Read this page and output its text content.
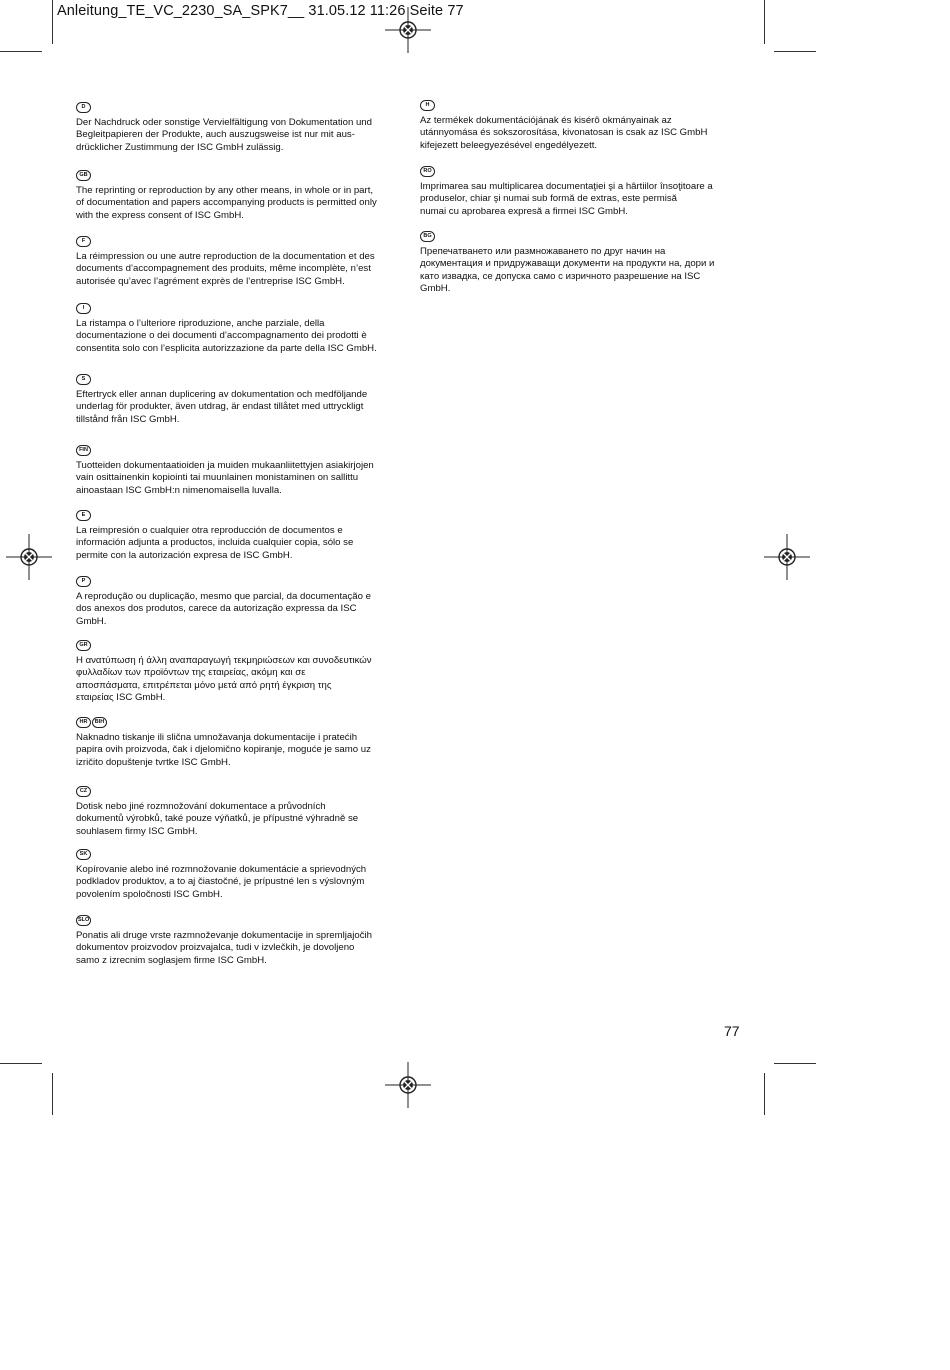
Anleitung_TE_VC_2230_SA_SPK7__ 31.05.12 11:26 Seite 77
D

Der Nachdruck oder sonstige Vervielfältigung von Dokumentation und
Begleitpapieren der Produkte, auch auszugsweise ist nur mit aus-
drücklicher Zustimmung der ISC GmbH zulässig.

GB

The reprinting or reproduction by any other means, in whole or in part,
of documentation and papers accompanying products is permitted only
with the express consent of ISC GmbH.

F

La réimpression ou une autre reproduction de la documentation et des
documents d’accompagnement des produits, même incomplète, n’est
autorisée qu’avec l’agrément exprès de l’entreprise ISC GmbH.

I

La ristampa o l’ulteriore riproduzione, anche parziale, della
documentazione o dei documenti d’accompagnamento dei prodotti è
consentita solo con l’esplicita autorizzazione da parte della ISC GmbH.

S

Eftertryck eller annan duplicering av dokumentation och medföljande
underlag för produkter, även utdrag, är endast tillåtet med uttryckligt
tillstånd från ISC GmbH.

FIN

Tuotteiden dokumentaatioiden ja muiden mukaanliitettyjen asiakirjojen
vain osittainenkin kopiointi tai muunlainen monistaminen on sallittu
ainoastaan ISC GmbH:n nimenomaisella luvalla.

E

La reimpresión o cualquier otra reproducción de documentos e
información adjunta a productos, incluida cualquier copia, sólo se
permite con la autorización expresa de ISC GmbH.

P

A reprodução ou duplicação, mesmo que parcial, da documentação e
dos anexos dos produtos, carece da autorização expressa da ISC
GmbH.

GR

Η ανατύπωση ή άλλη αναπαραγωγή τεκμηριώσεων και συνοδευτικών
φυλλαδίων των προϊόντων της εταιρείας, ακόμη και σε
αποσπάσματα, επιτρέπεται μόνο μετά από ρητή έγκριση της
εταιρείας ISC GmbH.

HR	BIH

Naknadno tiskanje ili slična umnožavanja dokumentacije i pratećih
papira ovih proizvoda, čak i djelomično kopiranje, moguće je samo uz
izričito dopuštenje tvrtke ISC GmbH.

CZ

Dotisk nebo jiné rozmnožování dokumentace a průvodních
dokumentů výrobků, také pouze výňatků, je přípustné výhradně se
souhlasem firmy ISC GmbH.

SK

Kopírovanie alebo iné rozmnožovanie dokumentácie a sprievodných
podkladov produktov, a to aj čiastočné, je prípustné len s výslovným
povolením spoločnosti ISC GmbH.

SLO

Ponatis ali druge vrste razmnoževanje dokumentacije in spremljajočih
dokumentov proizvodov proizvajalca, tudi v izvlečkih, je dovoljeno
samo z izrecnim soglasjem firme ISC GmbH.

H

Az termékek dokumentációjának és kisérô okmányainak az
utánnyomása és sokszorosítása, kivonatosan is csak az ISC GmbH
kifejezett beleegyezésével engedélyezett.

RO

Imprimarea sau multiplicarea documentaţiei şi a hârtiilor însoţitoare a
produselor, chiar şi numai sub formă de extras, este permisă
numai cu aprobarea expresă a firmei ISC GmbH.

BG

Препечатването или размножаването по друг начин на
документация и придружаващи документи на продукти на, дори и
като извадка, се допуска само с изричното разрешение на ISC
GmbH.

77
